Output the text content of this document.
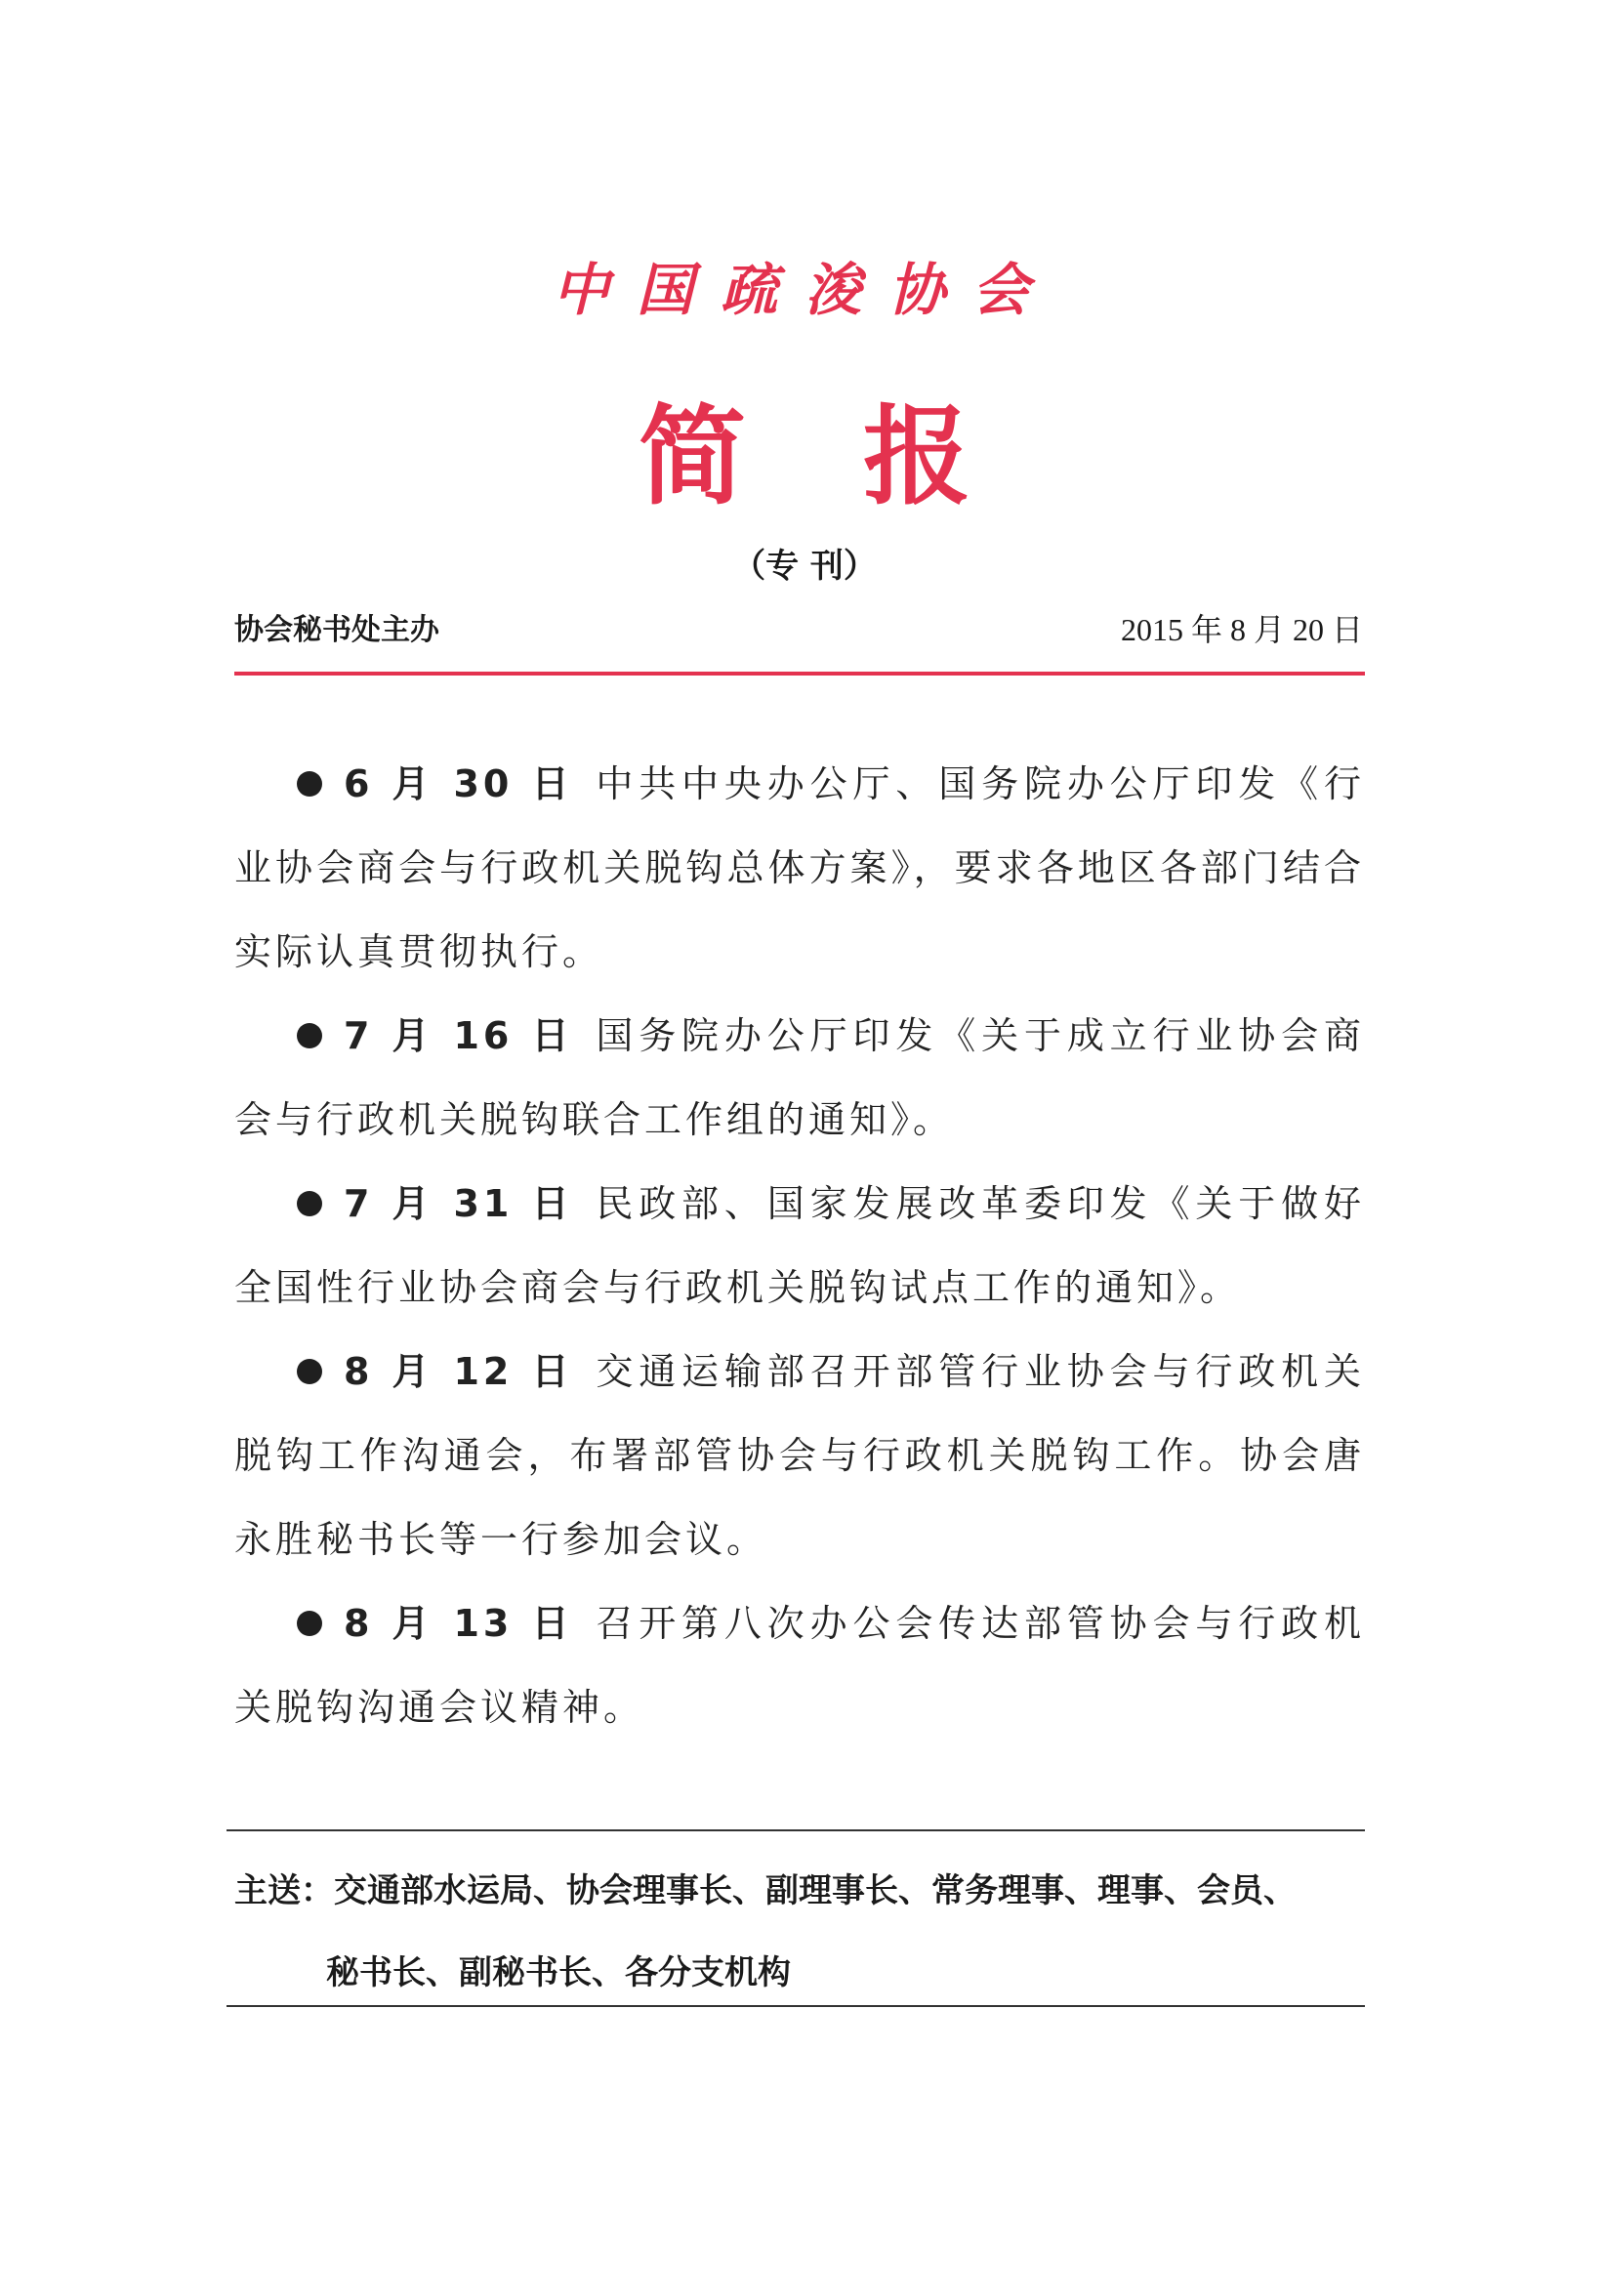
中国疏浚协会
简报
（专 刊）
协会秘书处主办	2015 年 8 月 20 日

6 月 30 日 中共中央办公厅、国务院办公厅印发《行业协会商会与行政机关脱钩总体方案》，要求各地区各部门结合实际认真贯彻执行。

7 月 16 日 国务院办公厅印发《关于成立行业协会商会与行政机关脱钩联合工作组的通知》。

7 月 31 日 民政部、国家发展改革委印发《关于做好全国性行业协会商会与行政机关脱钩试点工作的通知》。

8 月 12 日 交通运输部召开部管行业协会与行政机关脱钩工作沟通会，布署部管协会与行政机关脱钩工作。协会唐永胜秘书长等一行参加会议。

8 月 13 日 召开第八次办公会传达部管协会与行政机关脱钩沟通会议精神。

主送：交通部水运局、协会理事长、副理事长、常务理事、理事、会员、
秘书长、副秘书长、各分支机构
